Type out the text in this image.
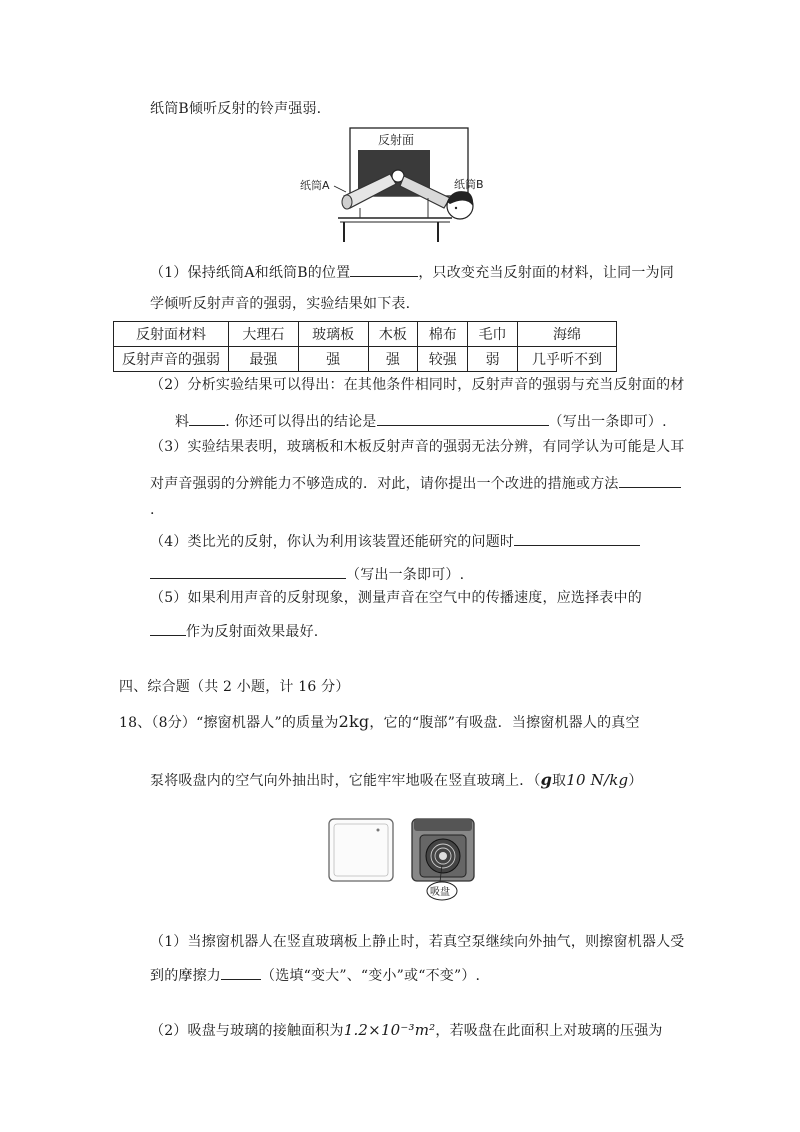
纸筒B倾听反射的铃声强弱.
反射面
纸筒A	纸筒B
（1）保持纸筒A和纸筒B的位置	，只改变充当反射面的材料，让同一为同
学倾听反射声音的强弱，实验结果如下表.
反射面材料	大理石	玻璃板	木板	棉布	毛巾	海绵
反射声音的强弱	最强	强	强	较强	弱	几乎听不到
（2）分析实验结果可以得出：在其他条件相同时，反射声音的强弱与充当反射面的材
料	. 你还可以得出的结论是	（写出一条即可）.
（3）实验结果表明，玻璃板和木板反射声音的强弱无法分辨，有同学认为可能是人耳
对声音强弱的分辨能力不够造成的．对此，请你提出一个改进的措施或方法
.
（4）类比光的反射，你认为利用该装置还能研究的问题时
（写出一条即可）.
（5）如果利用声音的反射现象，测量声音在空气中的传播速度，应选择表中的
作为反射面效果最好.
四、综合题（共 2 小题，计 16 分）
18、（8分）“擦窗机器人”的质量为2kg，它的“腹部”有吸盘．当擦窗机器人的真空
泵将吸盘内的空气向外抽出时，它能牢牢地吸在竖直玻璃上．（g取10 N/kg）
吸盘
（1）当擦窗机器人在竖直玻璃板上静止时，若真空泵继续向外抽气，则擦窗机器人受
到的摩擦力	（选填“变大”、“变小”或“不变”）.
（2）吸盘与玻璃的接触面积为1.2×10⁻³m²，若吸盘在此面积上对玻璃的压强为
